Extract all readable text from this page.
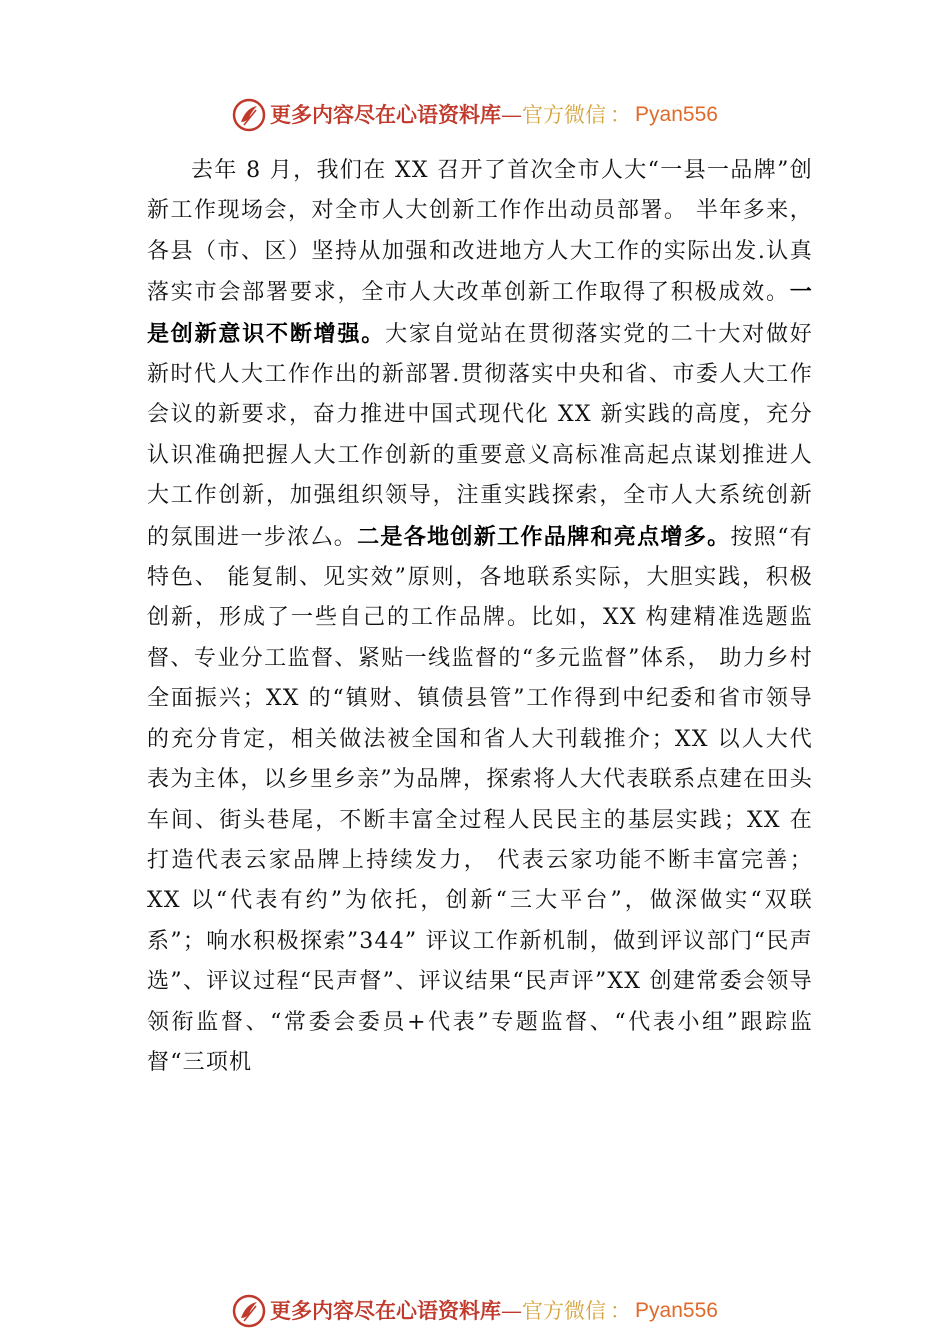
更多内容尽在心语资料库 — 官方微信 ： Pyan556

去年 8 月，我们在 XX 召开了首次全市人大“一县一品牌”创新工作现场会，对全市人大创新工作作出动员部署。 半年多来，各县（市、区）坚持从加强和改进地方人大工作的实际出发.认真落实市会部署要求，全市人大改革创新工作取得了积极成效。一是创新意识不断增强。大家自觉站在贯彻落实党的二十大对做好新时代人大工作作出的新部署.贯彻落实中央和省、市委人大工作会议的新要求，奋力推进中国式现代化 XX 新实践的高度，充分认识准确把握人大工作创新的重要意义高标准高起点谋划推进人大工作创新，加强组织领导，注重实践探索，全市人大系统创新的氛围进一步浓厶。二是各地创新工作品牌和亮点增多。按照“有特色、 能复制、见实效”原则，各地联系实际，大胆实践，积极创新，形成了一些自己的工作品牌。比如，XX 构建精准选题监督、专业分工监督、紧贴一线监督的“多元监督”体系， 助力乡村全面振兴；XX 的“镇财、镇债县管”工作得到中纪委和省市领导的充分肯定，相关做法被全国和省人大刊载推介；XX 以人大代表为主体，以乡里乡亲”为品牌，探索将人大代表联系点建在田头车间、街头巷尾，不断丰富全过程人民民主的基层实践；XX 在打造代表云家品牌上持续发力， 代表云家功能不断丰富完善；XX 以“代表有约”为依托，创新“三大平台”，做深做实“双联系”；响水积极探索”344” 评议工作新机制，做到评议部门“民声选”、评议过程“民声督”、评议结果“民声评”XX 创建常委会领导领衔监督、“常委会委员+代表”专题监督、“代表小组”跟踪监督“三项机

更多内容尽在心语资料库 — 官方微信 ： Pyan556
